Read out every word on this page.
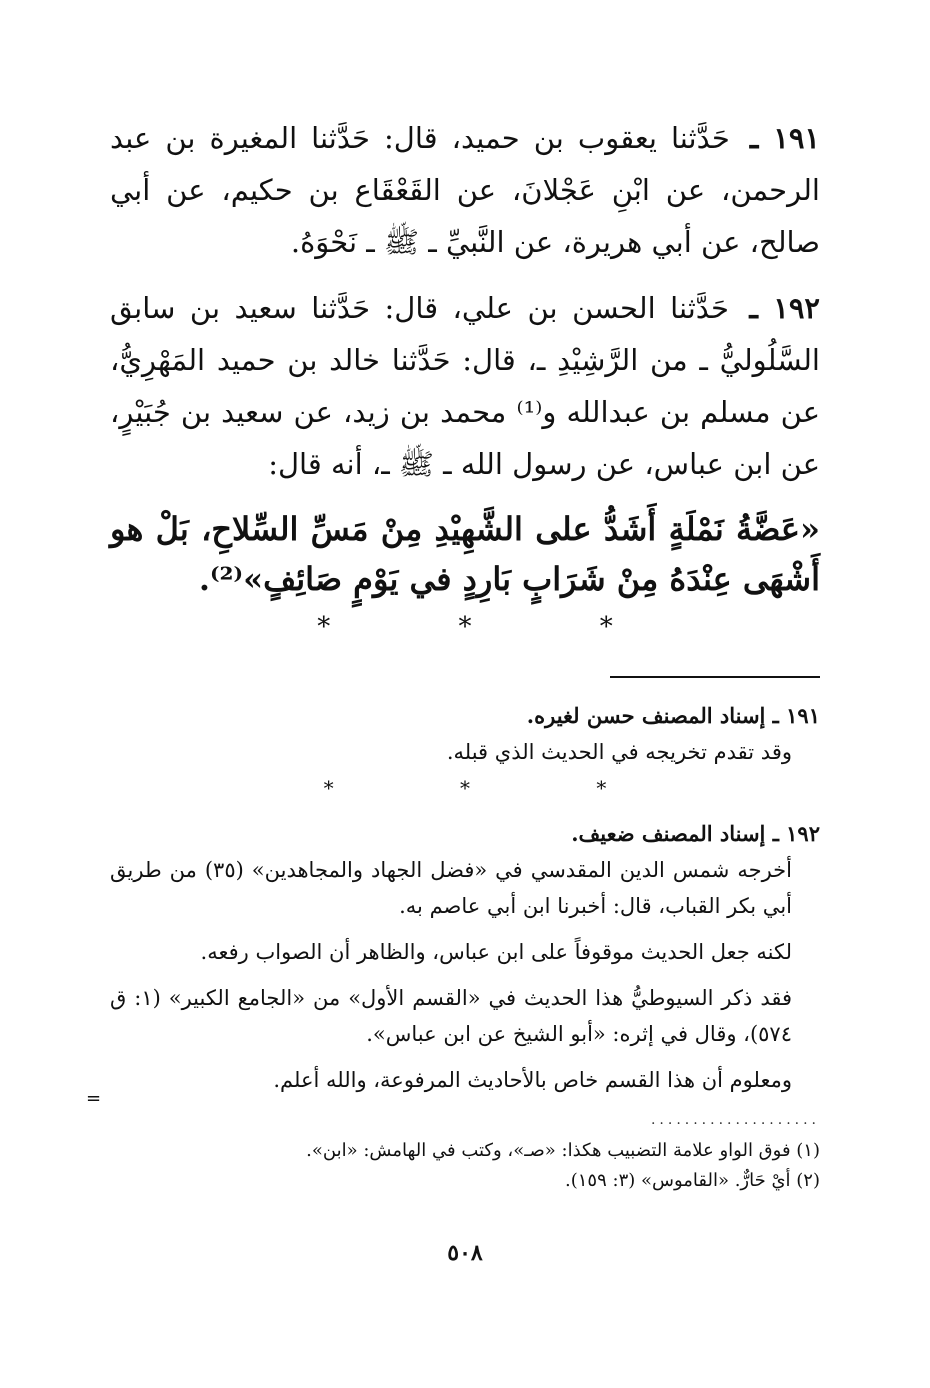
١٩١ ـ حَدَّثنا يعقوب بن حميد، قال: حَدَّثنا المغيرة بن عبد الرحمن، عن ابْنِ عَجْلانَ، عن القَعْقَاع بن حكيم، عن أبي صالح، عن أبي هريرة، عن النَّبيِّ ـ ﷺ ـ نَحْوَهُ.

١٩٢ ـ حَدَّثنا الحسن بن علي، قال: حَدَّثنا سعيد بن سابق السَّلُوليُّ ـ من الرَّشِيْدِ ـ، قال: حَدَّثنا خالد بن حميد المَهْرِيُّ، عن مسلم بن عبدالله و⁽¹⁾ محمد بن زيد، عن سعيد بن جُبَيْرٍ، عن ابن عباس، عن رسول الله ـ ﷺ ـ، أنه قال:

«عَضَّةُ نَمْلَةٍ أَشَدُّ على الشَّهِيْدِ مِنْ مَسِّ السِّلاحِ، بَلْ هو أَشْهَى عِنْدَهُ مِنْ شَرَابٍ بَارِدٍ في يَوْمٍ صَائِفٍ»⁽²⁾.

* * *

١٩١ ـ إسناد المصنف حسن لغيره.

وقد تقدم تخريجه في الحديث الذي قبله.

* * *

١٩٢ ـ إسناد المصنف ضعيف.

أخرجه شمس الدين المقدسي في «فضل الجهاد والمجاهدين» (٣٥) من طريق أبي بكر القباب، قال: أخبرنا ابن أبي عاصم به.

لكنه جعل الحديث موقوفاً على ابن عباس، والظاهر أن الصواب رفعه.

فقد ذكر السيوطيُّ هذا الحديث في «القسم الأول» من «الجامع الكبير» (١: ق ٥٧٤)، وقال في إثره: «أبو الشيخ عن ابن عباس».

ومعلوم أن هذا القسم خاص بالأحاديث المرفوعة، والله أعلم.

....................

(١) فوق الواو علامة التضبيب هكذا: «صـ»، وكتب في الهامش: «ابن».

(٢) أيْ حَارٌّ. «القاموس» (٣: ١٥٩).

=
٥٠٨
